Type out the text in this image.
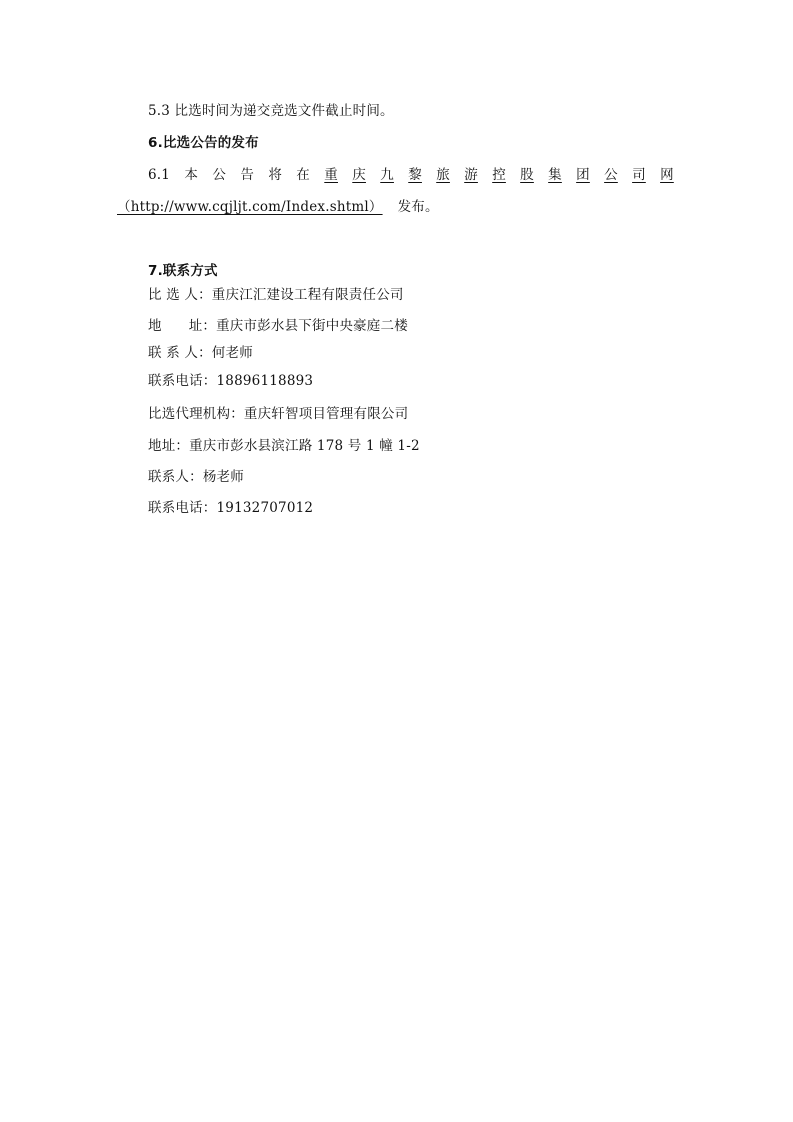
5.3 比选时间为递交竞选文件截止时间。
6.比选公告的发布
6.1 本 公 告 将 在 重 庆 九 黎 旅 游 控 股 集 团 公 司 网
（http://www.cqjljt.com/Index.shtml） 发布。
7.联系方式
比 选 人：重庆江汇建设工程有限责任公司
地 址：重庆市彭水县下街中央豪庭二楼
联 系 人：何老师
联系电话：18896118893
比选代理机构：重庆轩智项目管理有限公司
地址：重庆市彭水县滨江路 178 号 1 幢 1-2
联系人：杨老师
联系电话：19132707012
